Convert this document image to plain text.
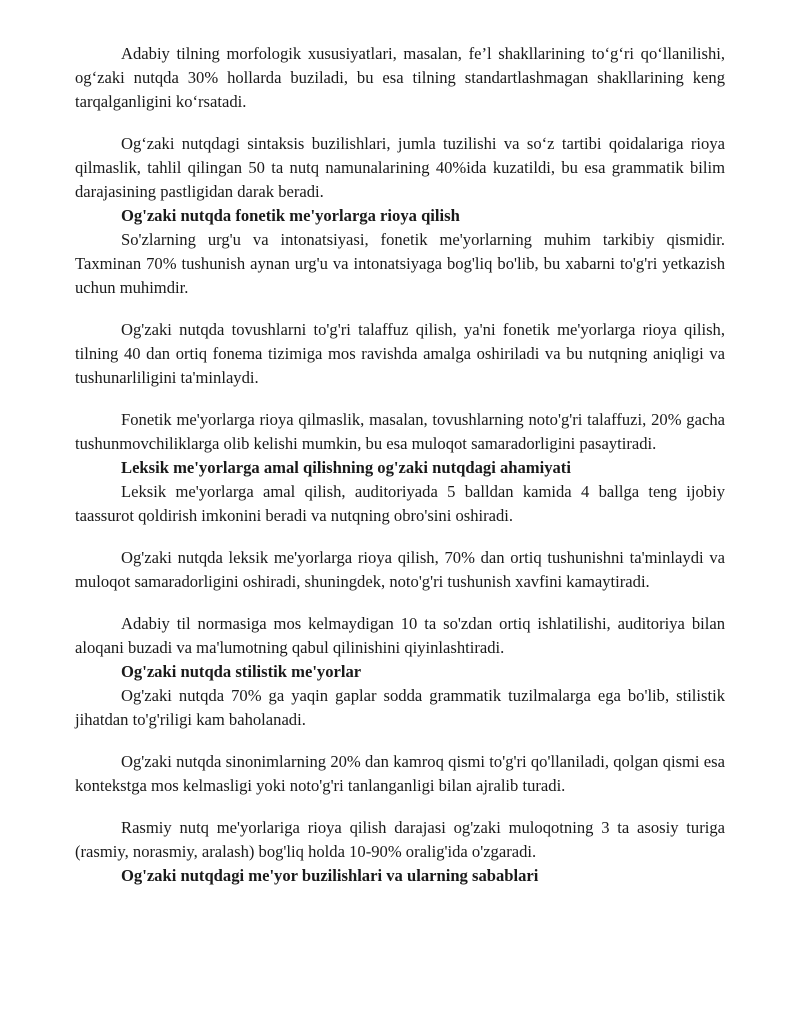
Adabiy tilning morfologik xususiyatlari, masalan, fe’l shakllarining to‘g‘ri qo‘llanilishi, og‘zaki nutqda 30% hollarda buziladi, bu esa tilning standartlashmagan shakllarining keng tarqalganligini ko‘rsatadi.

Og‘zaki nutqdagi sintaksis buzilishlari, jumla tuzilishi va so‘z tartibi qoidalariga rioya qilmaslik, tahlil qilingan 50 ta nutq namunalarining 40%ida kuzatildi, bu esa grammatik bilim darajasining pastligidan darak beradi.

Og'zaki nutqda fonetik me'yorlarga rioya qilish

So'zlarning urg'u va intonatsiyasi, fonetik me'yorlarning muhim tarkibiy qismidir. Taxminan 70% tushunish aynan urg'u va intonatsiyaga bog'liq bo'lib, bu xabarni to'g'ri yetkazish uchun muhimdir.

Og'zaki nutqda tovushlarni to'g'ri talaffuz qilish, ya'ni fonetik me'yorlarga rioya qilish, tilning 40 dan ortiq fonema tizimiga mos ravishda amalga oshiriladi va bu nutqning aniqligi va tushunarliligini ta'minlaydi.

Fonetik me'yorlarga rioya qilmaslik, masalan, tovushlarning noto'g'ri talaffuzi, 20% gacha tushunmovchiliklarga olib kelishi mumkin, bu esa muloqot samaradorligini pasaytiradi.

Leksik me'yorlarga amal qilishning og'zaki nutqdagi ahamiyati

Leksik me'yorlarga amal qilish, auditoriyada 5 balldan kamida 4 ballga teng ijobiy taassurot qoldirish imkonini beradi va nutqning obro'sini oshiradi.

Og'zaki nutqda leksik me'yorlarga rioya qilish, 70% dan ortiq tushunishni ta'minlaydi va muloqot samaradorligini oshiradi, shuningdek, noto'g'ri tushunish xavfini kamaytiradi.

Adabiy til normasiga mos kelmaydigan 10 ta so'zdan ortiq ishlatilishi, auditoriya bilan aloqani buzadi va ma'lumotning qabul qilinishini qiyinlashtiradi.

Og'zaki nutqda stilistik me'yorlar

Og'zaki nutqda 70% ga yaqin gaplar sodda grammatik tuzilmalarga ega bo'lib, stilistik jihatdan to'g'riligi kam baholanadi.

Og'zaki nutqda sinonimlarning 20% dan kamroq qismi to'g'ri qo'llaniladi, qolgan qismi esa kontekstga mos kelmasligi yoki noto'g'ri tanlanganligi bilan ajralib turadi.

Rasmiy nutq me'yorlariga rioya qilish darajasi og'zaki muloqotning 3 ta asosiy turiga (rasmiy, norasmiy, aralash) bog'liq holda 10-90% oralig'ida o'zgaradi.

Og'zaki nutqdagi me'yor buzilishlari va ularning sabablari
